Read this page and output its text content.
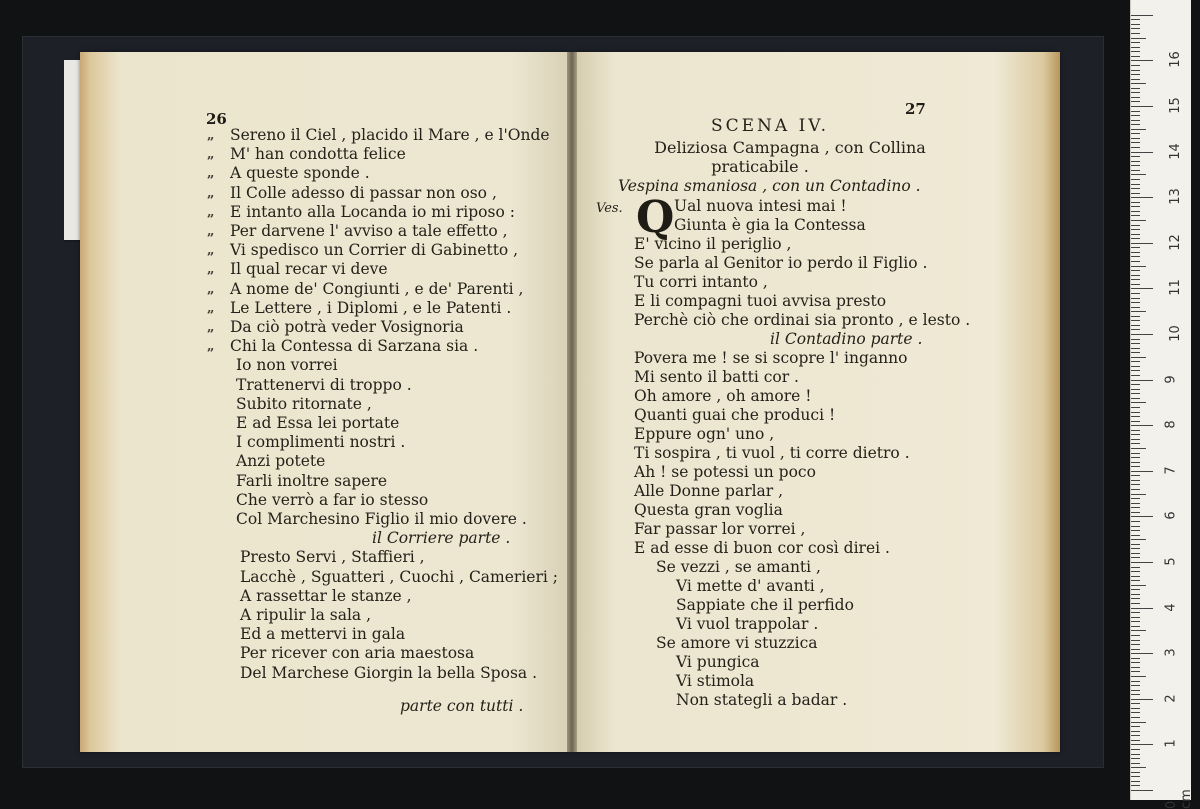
26
27
„ Sereno il Ciel , placido il Mare , e l'Onde
„ M' han condotta felice
„ A queste sponde .
„ Il Colle adesso di passar non oso ,
„ E intanto alla Locanda io mi riposo :
„ Per darvene l' avviso a tale effetto ,
„ Vi spedisco un Corrier di Gabinetto ,
„ Il qual recar vi deve
„ A nome de' Congiunti , e de' Parenti ,
„ Le Lettere , i Diplomi , e le Patenti .
„ Da ciò potrà veder Vosignoria
„ Chi la Contessa di Sarzana sia .
Io non vorrei
Trattenervi di troppo .
Subito ritornate ,
E ad Essa lei portate
I complimenti nostri .
Anzi potete
Farli inoltre sapere
Che verrò a far io stesso
Col Marchesino Figlio il mio dovere .
il Corriere parte .
Presto Servi , Staffieri ,
Lacchè , Sguatteri , Cuochi , Camerieri ;
A rassettar le stanze ,
A ripulir la sala ,
Ed a mettervi in gala
Per ricever con aria maestosa
Del Marchese Giorgin la bella Sposa .
parte con tutti .
SCENA IV.
Deliziosa Campagna , con Collina
praticabile .
Vespina smaniosa , con un Contadino .
Ves. Q Ual nuova intesi mai !
Giunta è gia la Contessa
E' vicino il periglio ,
Se parla al Genitor io perdo il Figlio .
Tu corri intanto ,
E li compagni tuoi avvisa presto
Perchè ciò che ordinai sia pronto , e lesto .
il Contadino parte .
Povera me ! se si scopre l' inganno
Mi sento il batti cor .
Oh amore , oh amore !
Quanti guai che produci !
Eppure ogn' uno ,
Ti sospira , ti vuol , ti corre dietro .
Ah ! se potessi un poco
Alle Donne parlar ,
Questa gran voglia
Far passar lor vorrei ,
E ad esse di buon cor così direi .
Se vezzi , se amanti ,
Vi mette d' avanti ,
Sappiate che il perfido
Vi vuol trappolar .
Se amore vi stuzzica
Vi pungica
Vi stimola
Non stategli a badar .
0 cm
1
2
3
4
5
6
7
8
9
10
11
12
13
14
15
16
